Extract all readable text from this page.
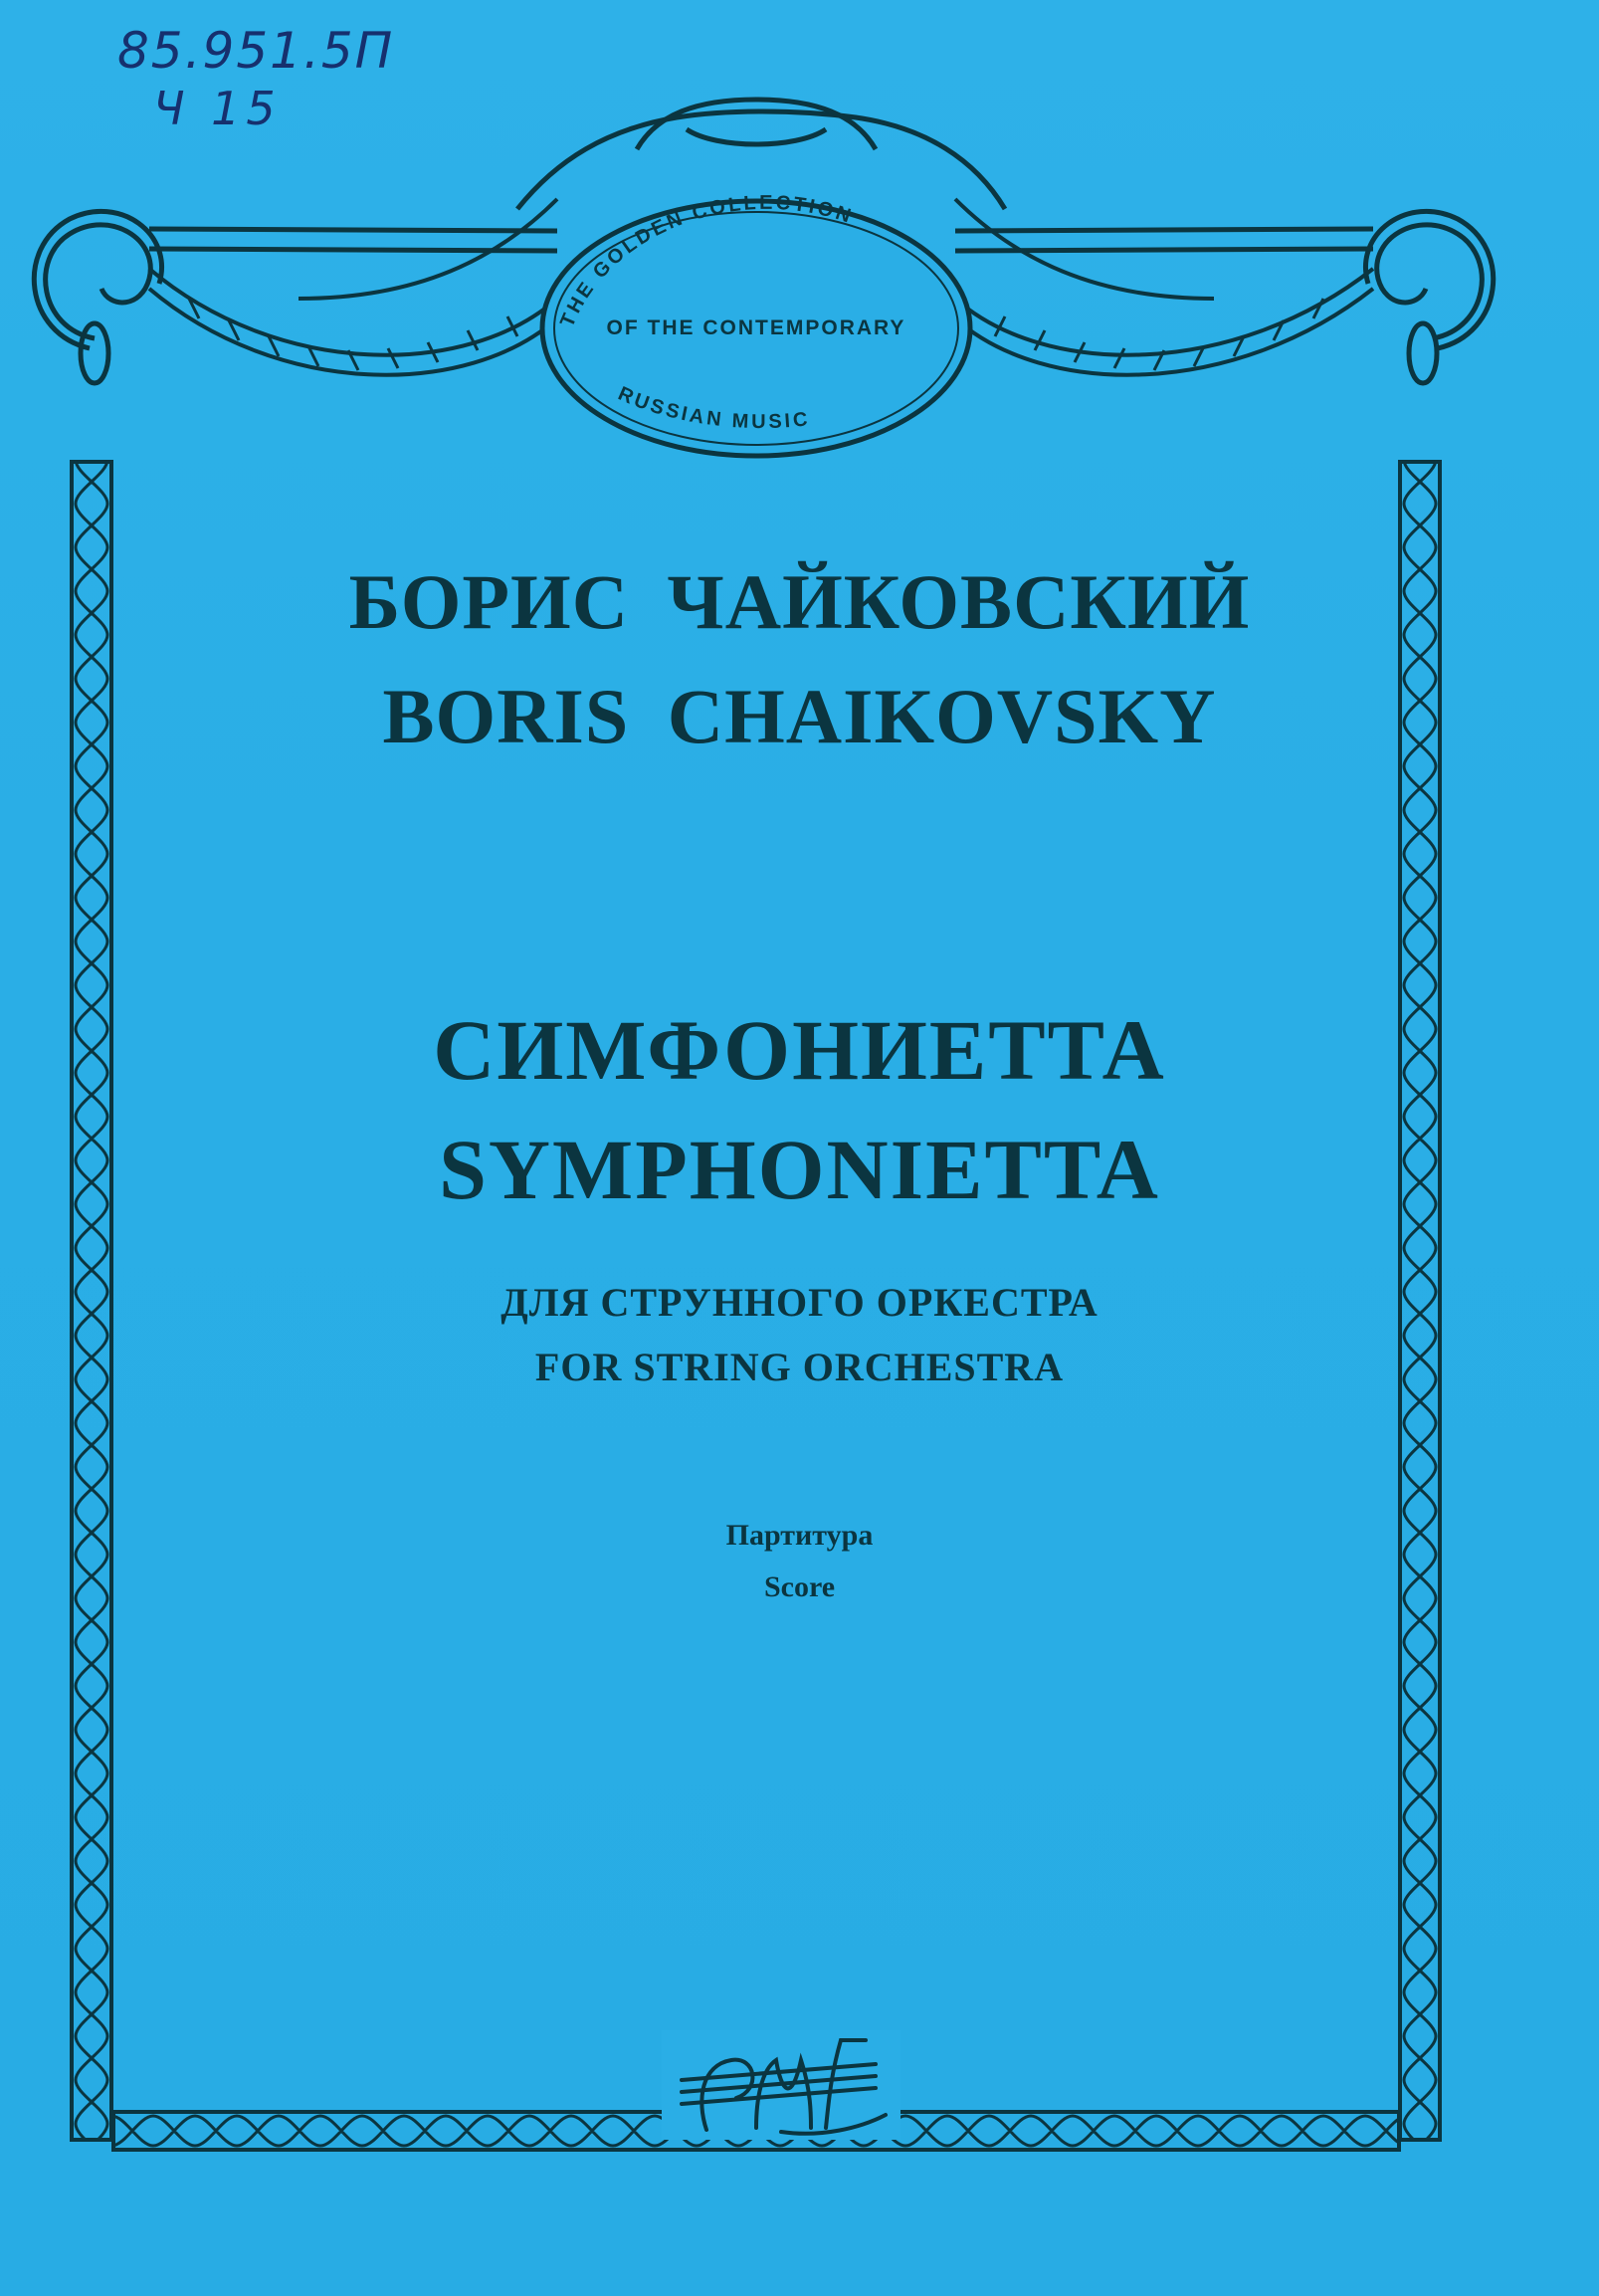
85.951.5П
Ч 15
THE GOLDEN COLLECTION
OF THE CONTEMPORARY
RUSSIAN MUSIC
БОРИС ЧАЙКОВСКИЙ
BORIS CHAIKOVSKY
СИМФОНИЕТТА
SYMPHONIETTA
ДЛЯ СТРУННОГО ОРКЕСТРА
FOR STRING ORCHESTRA
Партитура
Score
